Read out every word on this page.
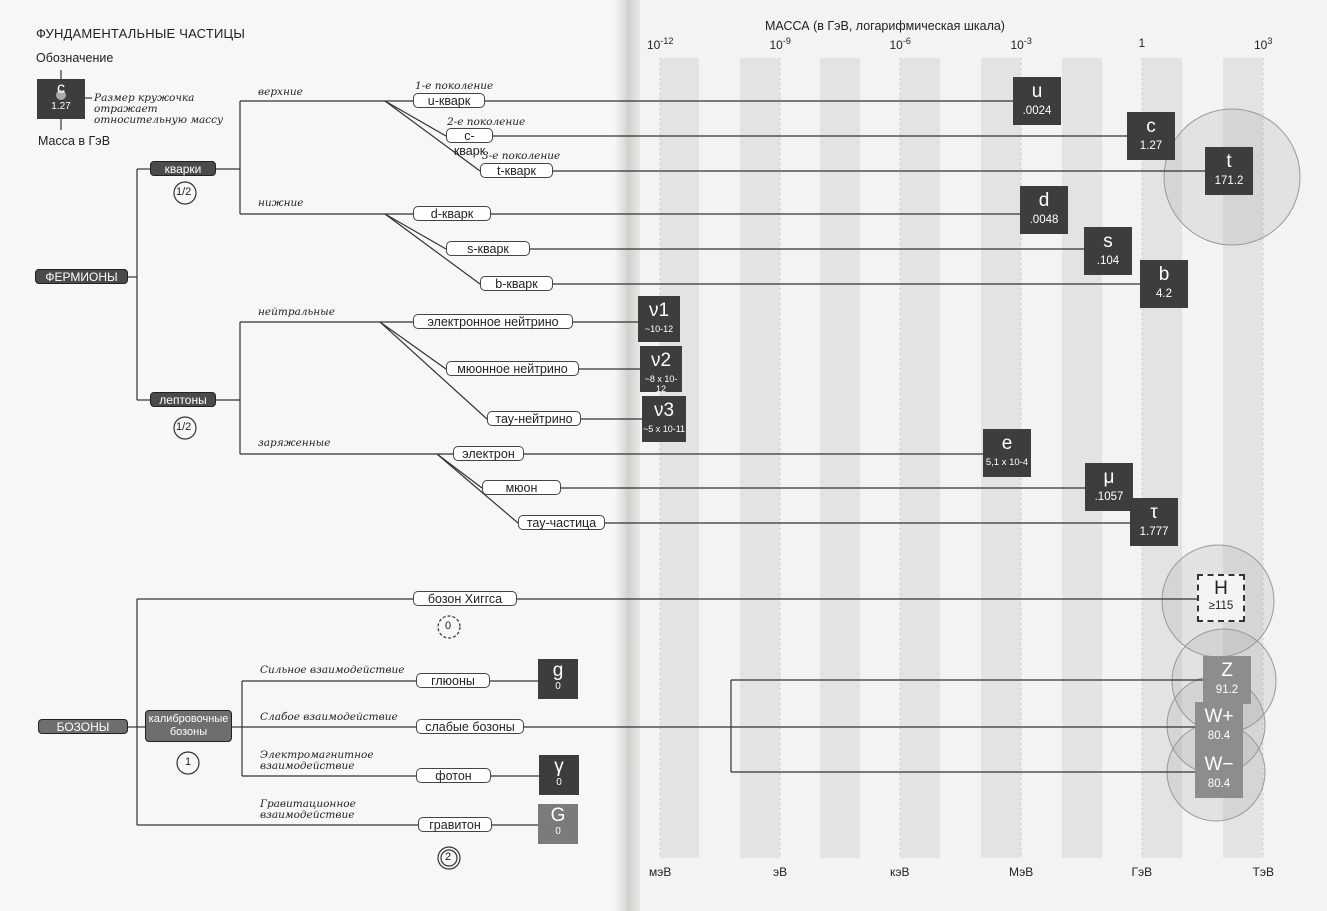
ФУНДАМЕНТАЛЬНЫЕ ЧАСТИЦЫ
Обозначение
c
1.27
Размер кружочка отражает относительную массу
Масса в ГэВ
ФЕРМИОНЫ
кварки
лептоны
БОЗОНЫ
калибровочные бозоны
верхние
нижние
нейтральные
заряженные
Сильное взаимодействие
Слабое взаимодействие
Электромагнитное взаимодействие
Гравитационное взаимодействие
1-е поколение
2-е поколение
3-е поколение
1/2
1/2
0
1
2
u-кварк
c-кварк
t-кварк
d-кварк
s-кварк
b-кварк
электронное нейтрино
мюонное нейтрино
тау-нейтрино
электрон
мюон
тау-частица
бозон Хиггса
глюоны
слабые бозоны
фотон
гравитон
g
0
γ
0
G
0
МАССА (в ГэВ, логарифмическая шкала)
u
.0024
c
1.27
t
171.2
d
.0048
s
.104
b
4.2
ν1
~10-12
ν2
~8 x 10-12
ν3
~5 x 10-11
e
5,1 x 10-4
μ
.1057
τ
1.777
H
≥115
Z
91.2
W+
80.4
W−
80.4
$10^{-12}$	$10^{-9}$	$10^{-6}$	$10^{-3}$	1	$10^3$
мэВ	эВ	кэВ	МэВ	ГэВ	ТэВ
